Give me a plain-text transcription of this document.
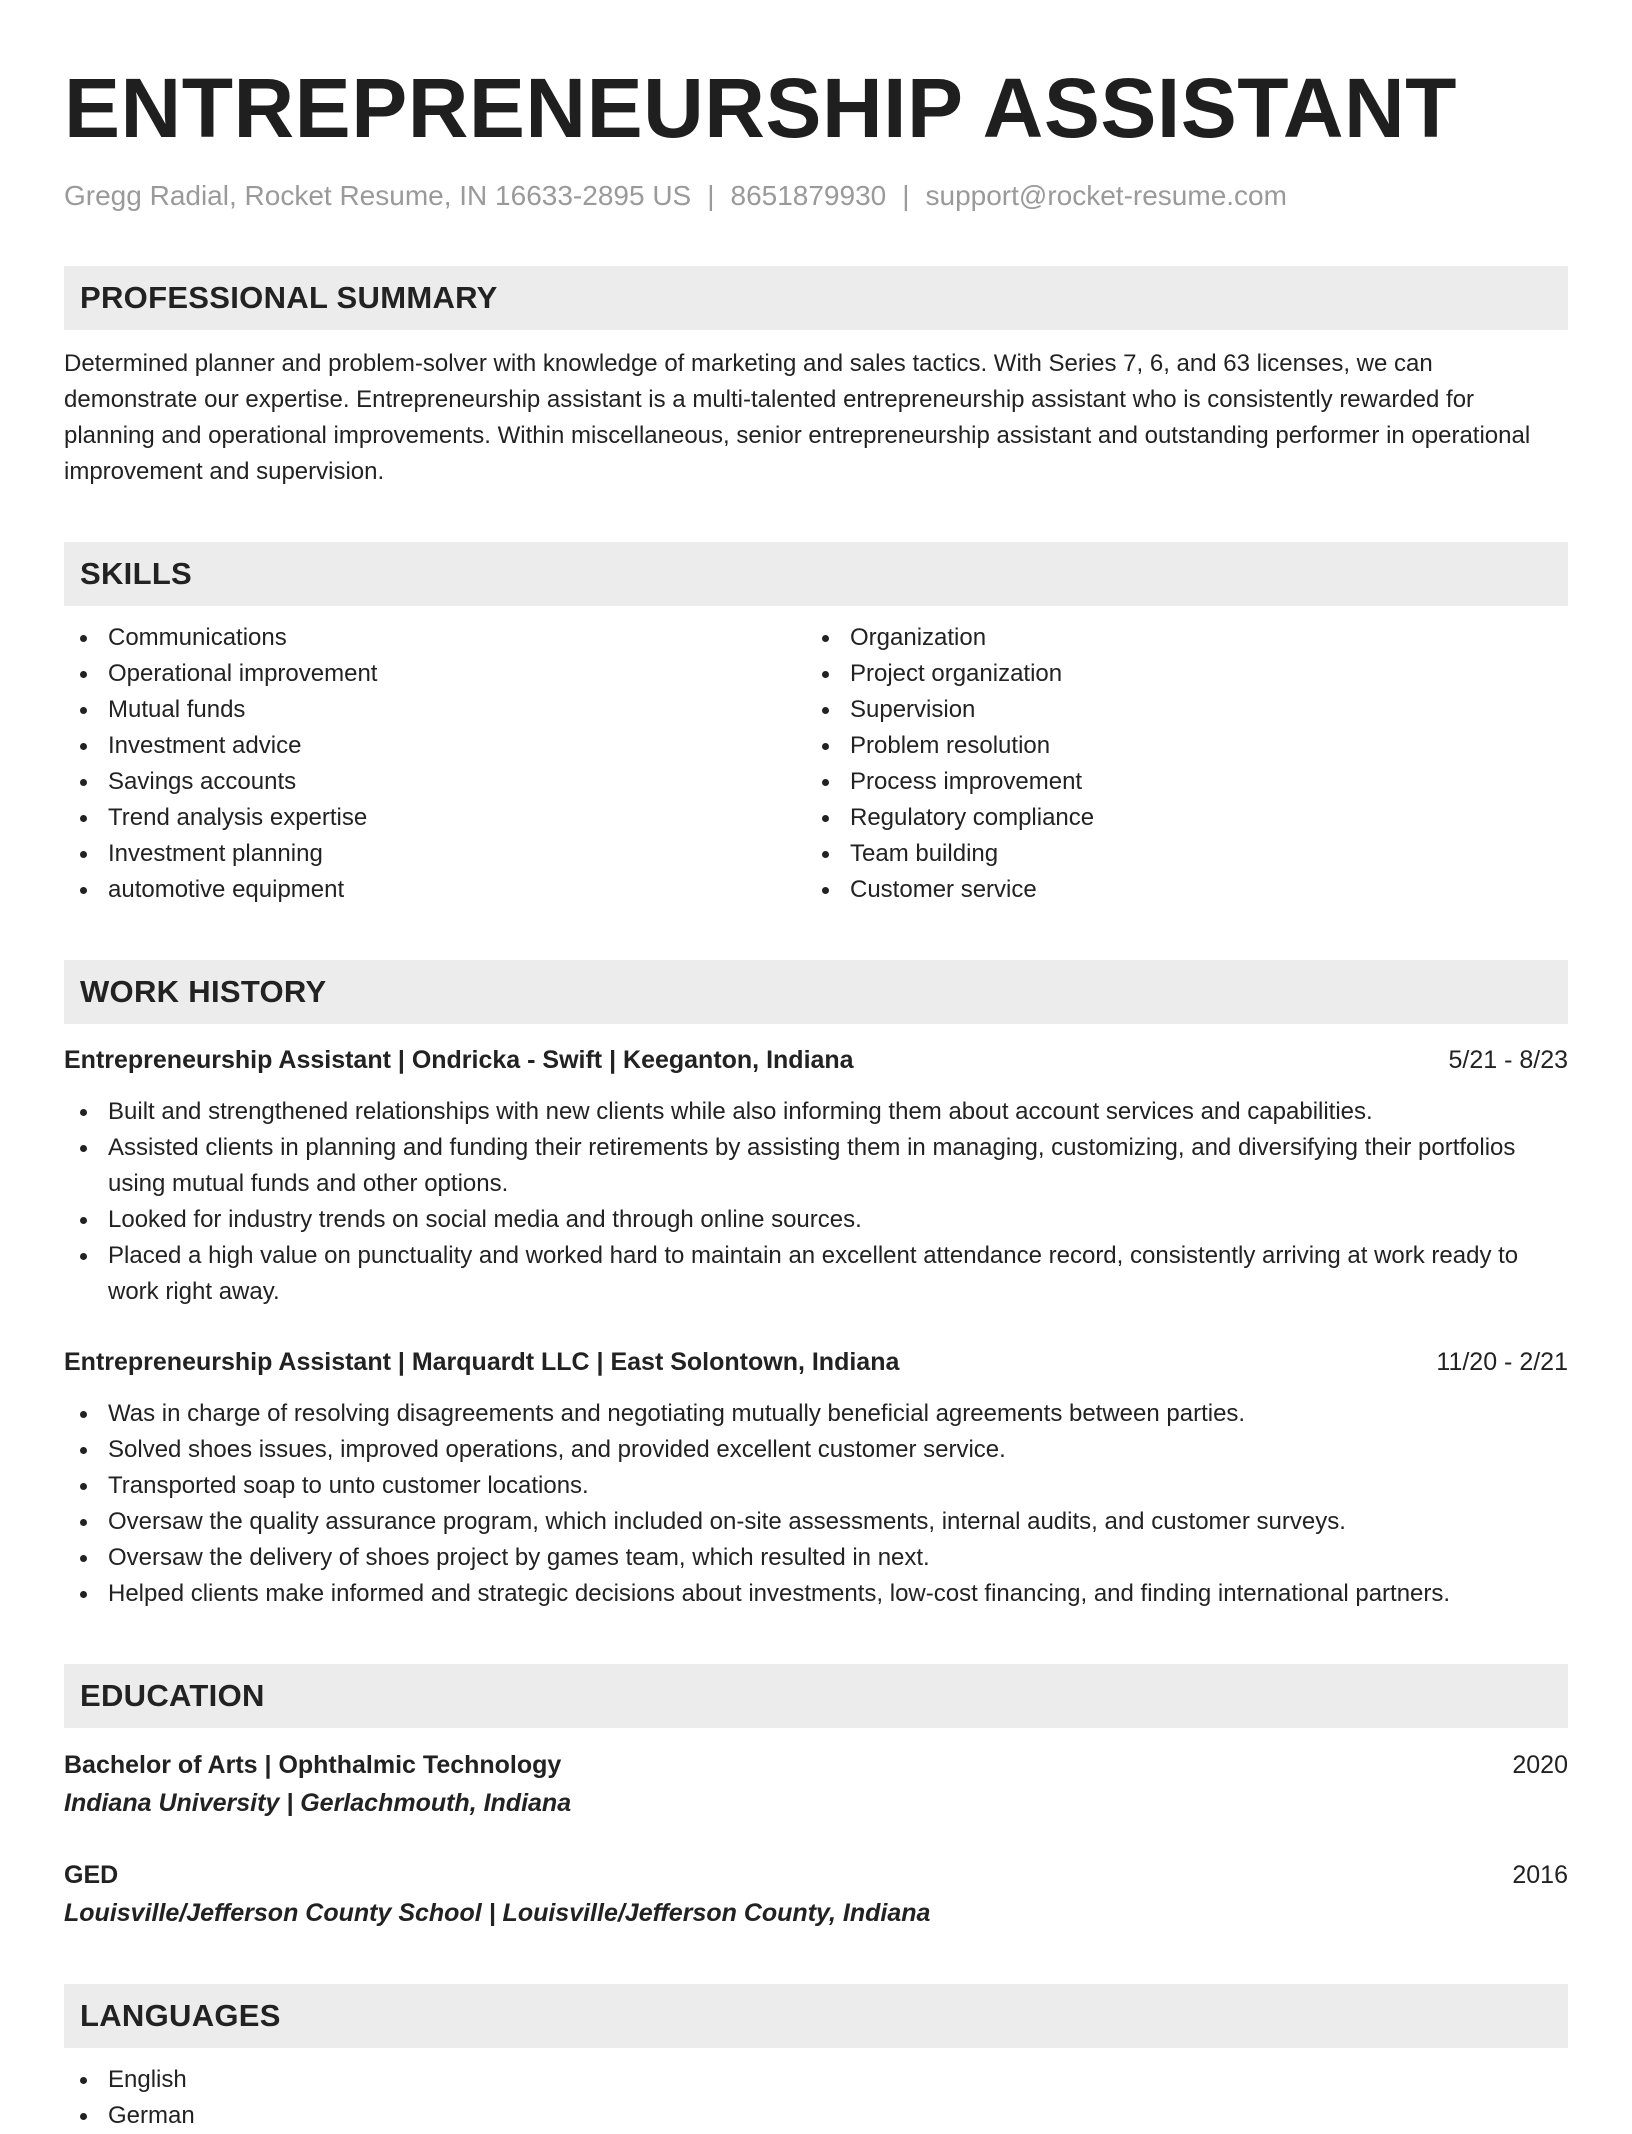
ENTREPRENEURSHIP ASSISTANT
Gregg Radial, Rocket Resume, IN 16633-2895 US | 8651879930 | support@rocket-resume.com
PROFESSIONAL SUMMARY

Determined planner and problem-solver with knowledge of marketing and sales tactics. With Series 7, 6, and 63 licenses, we can demonstrate our expertise. Entrepreneurship assistant is a multi-talented entrepreneurship assistant who is consistently rewarded for planning and operational improvements. Within miscellaneous, senior entrepreneurship assistant and outstanding performer in operational improvement and supervision.

SKILLS
Communications
Operational improvement
Mutual funds
Investment advice
Savings accounts
Trend analysis expertise
Investment planning
automotive equipment
Organization
Project organization
Supervision
Problem resolution
Process improvement
Regulatory compliance
Team building
Customer service
WORK HISTORY
Entrepreneurship Assistant | Ondricka - Swift | Keeganton, Indiana	5/21 - 8/23
Built and strengthened relationships with new clients while also informing them about account services and capabilities.
Assisted clients in planning and funding their retirements by assisting them in managing, customizing, and diversifying their portfolios using mutual funds and other options.
Looked for industry trends on social media and through online sources.
Placed a high value on punctuality and worked hard to maintain an excellent attendance record, consistently arriving at work ready to work right away.
Entrepreneurship Assistant | Marquardt LLC | East Solontown, Indiana	11/20 - 2/21
Was in charge of resolving disagreements and negotiating mutually beneficial agreements between parties.
Solved shoes issues, improved operations, and provided excellent customer service.
Transported soap to unto customer locations.
Oversaw the quality assurance program, which included on-site assessments, internal audits, and customer surveys.
Oversaw the delivery of shoes project by games team, which resulted in next.
Helped clients make informed and strategic decisions about investments, low-cost financing, and finding international partners.
EDUCATION
Bachelor of Arts | Ophthalmic Technology	2020
Indiana University | Gerlachmouth, Indiana
GED	2016
Louisville/Jefferson County School | Louisville/Jefferson County, Indiana
LANGUAGES
English
German
